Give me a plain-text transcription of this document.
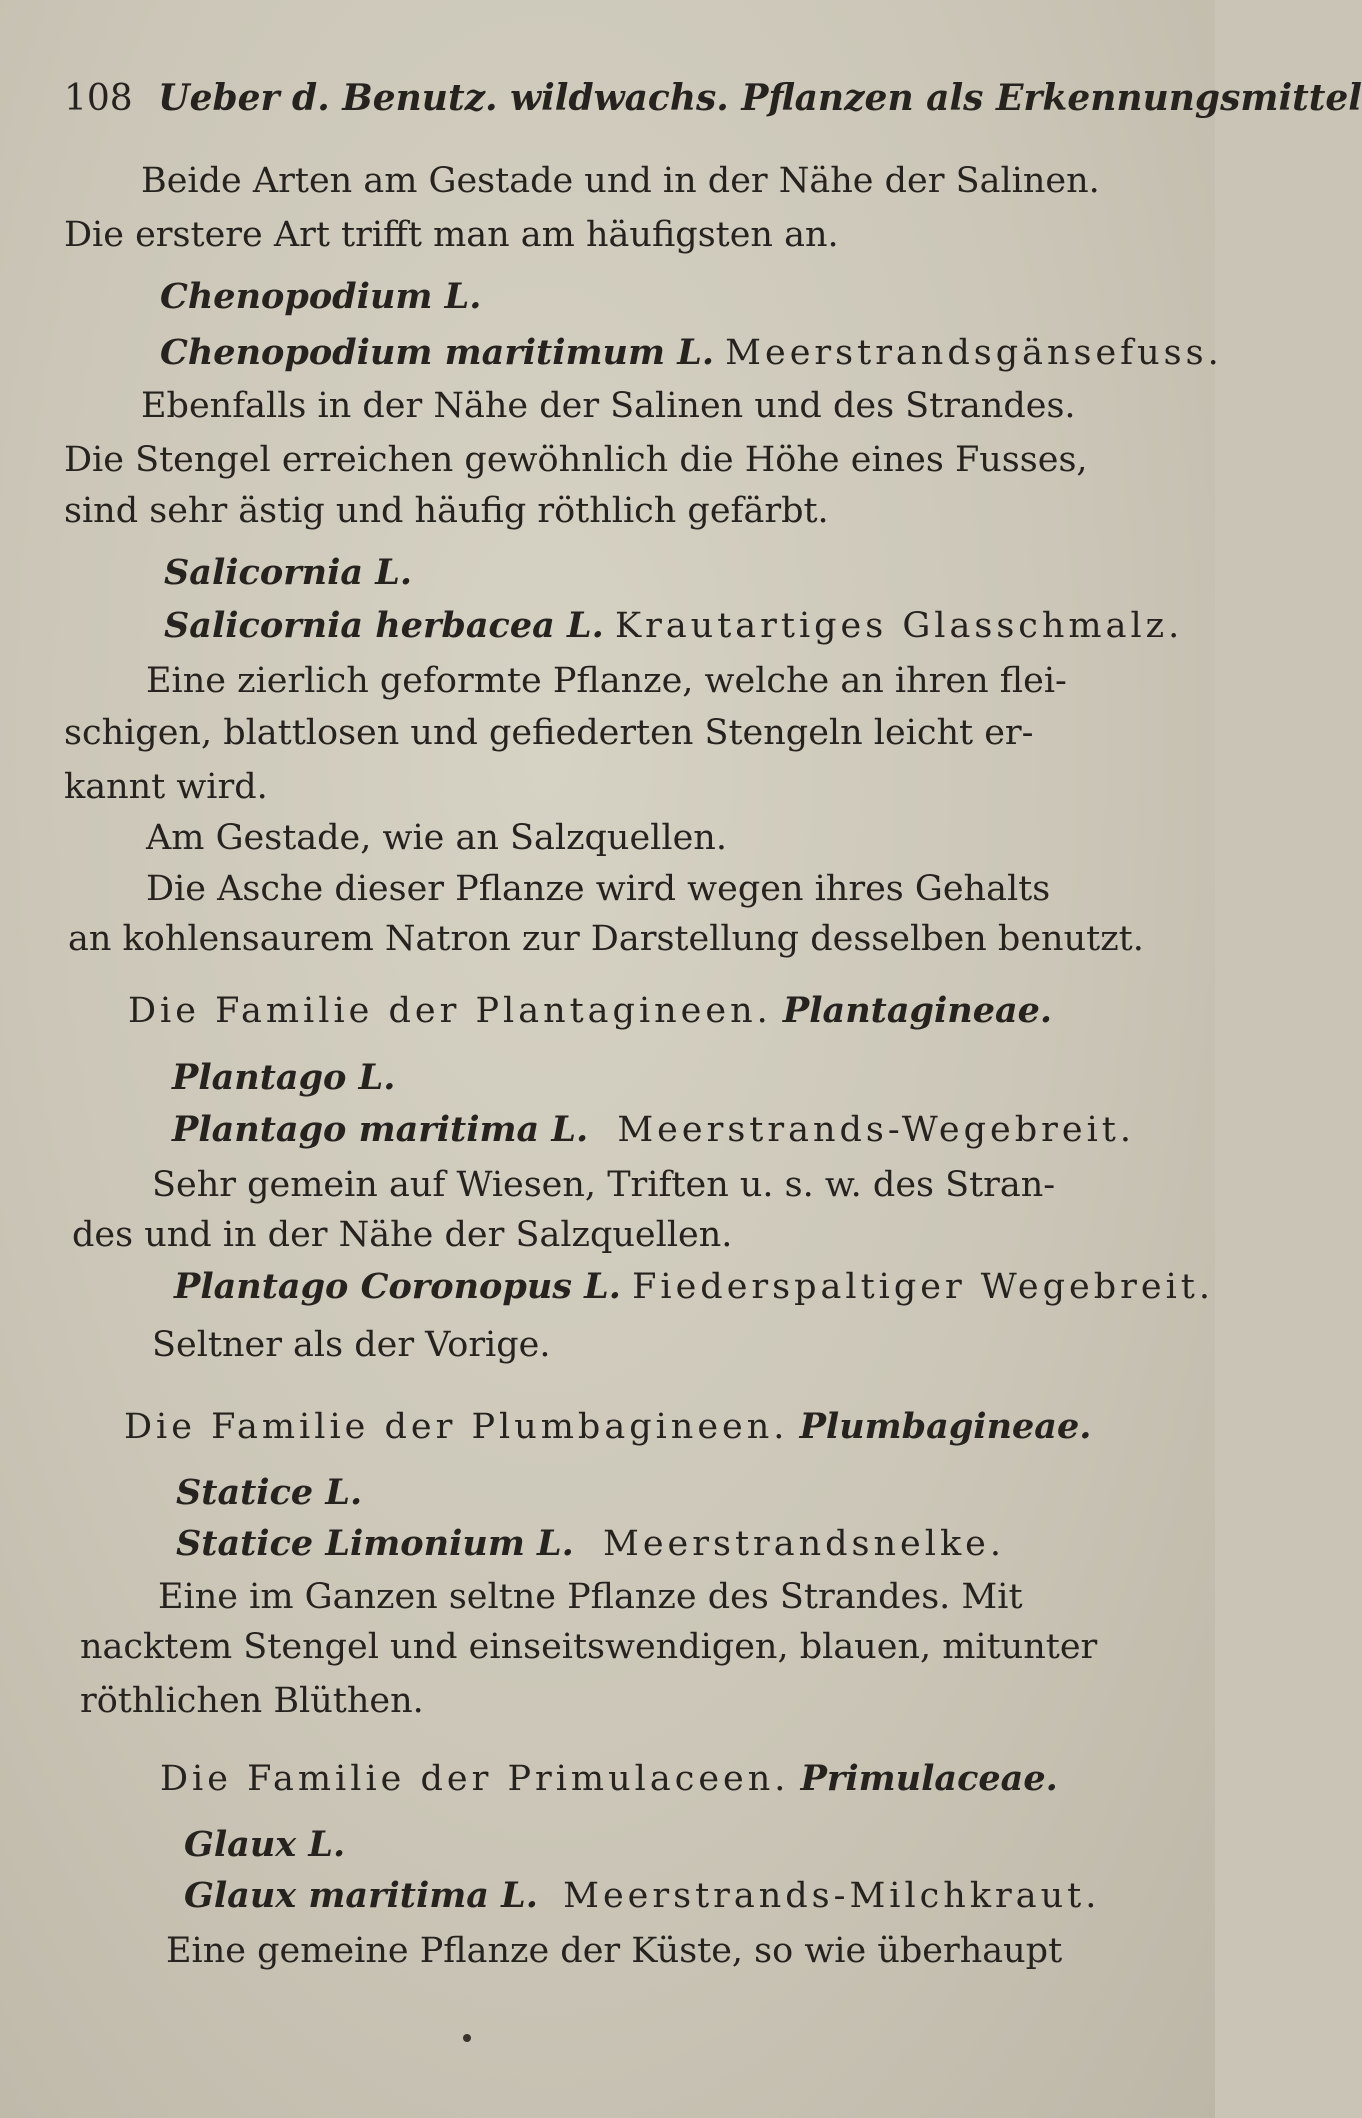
108 Ueber d. Benutz. wildwachs. Pflanzen als Erkennungsmittel
Beide Arten am Gestade und in der Nähe der Salinen.
Die erstere Art trifft man am häufigsten an.
Chenopodium L.
Chenopodium maritimum L. Meerstrandsgänsefuss.
Ebenfalls in der Nähe der Salinen und des Strandes.
Die Stengel erreichen gewöhnlich die Höhe eines Fusses,
sind sehr ästig und häufig röthlich gefärbt.
Salicornia L.
Salicornia herbacea L. Krautartiges Glasschmalz.
Eine zierlich geformte Pflanze, welche an ihren flei-
schigen, blattlosen und gefiederten Stengeln leicht er-
kannt wird.
Am Gestade, wie an Salzquellen.
Die Asche dieser Pflanze wird wegen ihres Gehalts
an kohlensaurem Natron zur Darstellung desselben benutzt.
Die Familie der Plantagineen. Plantagineae.
Plantago L.
Plantago maritima L. Meerstrands-Wegebreit.
Sehr gemein auf Wiesen, Triften u. s. w. des Stran-
des und in der Nähe der Salzquellen.
Plantago Coronopus L. Fiederspaltiger Wegebreit.
Seltner als der Vorige.
Die Familie der Plumbagineen. Plumbagineae.
Statice L.
Statice Limonium L. Meerstrandsnelke.
Eine im Ganzen seltne Pflanze des Strandes. Mit
nacktem Stengel und einseitswendigen, blauen, mitunter
röthlichen Blüthen.
Die Familie der Primulaceen. Primulaceae.
Glaux L.
Glaux maritima L. Meerstrands-Milchkraut.
Eine gemeine Pflanze der Küste, so wie überhaupt
